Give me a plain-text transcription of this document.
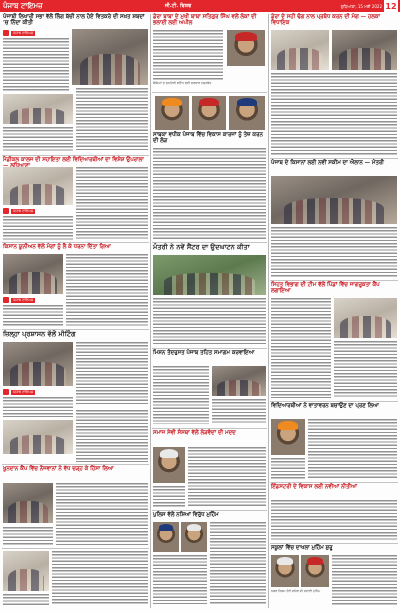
ਪੰਜਾਬ ਟਾਇਮਜ਼	ਜੀ.ਟੀ. ਵਿਸ਼ਵ	ਲੁਧਿਆਣਾ, 15 ਮਈ 2022 12
ਪੰਜਾਬੀ ਲਿਖਾਰੀ ਸਭਾ ਵੱਲੋਂ ਲਿੰਗ ਬੱਚੀ ਨਾਲ ਹੋਏ ਵਿਤਕਰੇ ਦੀ ਸਖ਼ਤ ਸ਼ਬਦਾਂ ’ਚ ਨਿੰਦਾ ਕੀਤੀ
ਪੰਜਾਬ ਟਾਇਮਜ਼
ਮੈਡੀਕਲ ਕਾਲਜ ਦੀ ਸਹਾਇਤਾ ਲਈ ਵਿਦਿਆਰਥੀਆਂ ਦਾ ਵਿਸ਼ੇਸ਼ ਉਪਰਾਲਾ
ਪੰਜਾਬ ਟਾਇਮਜ਼
ਕਿਸਾਨ ਯੂਨੀਅਨ ਵੱਲੋਂ ਮੰਗਾਂ ਨੂੰ ਲੈ ਕੇ ਧਰਨਾ ਦਿੱਤਾ ਗਿਆ
ਪੰਜਾਬ ਟਾਇਮਜ਼
ਜ਼ਿਲ੍ਹਾ ਪ੍ਰਸ਼ਾਸਨ ਵੱਲੋਂ ਮੀਟਿੰਗ
ਪੰਜਾਬ ਟਾਇਮਜ਼
ਖੂਨਦਾਨ ਕੈਂਪ ਵਿੱਚ ਨੌਜਵਾਨਾਂ ਨੇ ਵੱਧ ਚੜ੍ਹ ਕੇ ਹਿੱਸਾ ਲਿਆ
ਡੇਰਾ ਬਾਬਾ ਦੇ ਮੁਖੀ ਬਾਬਾ ਸਤਿਗੁਰ ਸਿੰਘ ਵਲੋਂ ਲੋਕਾਂ ਦੀ ਭਲਾਈ ਲਈ ਅਪੀਲ
ਬੱਚਿਆਂ ਦੇ ਸੁਨਹਿਰੀ ਭਵਿੱਖ ਲਈ ਸਰਕਾਰ ਵਚਨਬੱਧ
ਸਾਬਕਾ ਵਧੀਕ ਪੰਜਾਬ ਵਿੱਚ ਵਿਕਾਸ ਕਾਰਜਾਂ ਨੂੰ ਤੇਜ਼ ਕਰਨ ਦੀ ਲੋੜ
ਮੰਤਰੀ ਨੇ ਨਵੇਂ ਸੈਂਟਰ ਦਾ ਉਦਘਾਟਨ ਕੀਤਾ
ਮਿਸ਼ਨ ਤੰਦਰੁਸਤ ਪੰਜਾਬ ਤਹਿਤ ਸਮਾਗਮ ਕਰਵਾਇਆ
ਸਮਾਜ ਸੇਵੀ ਸੰਸਥਾ ਵੱਲੋਂ ਲੋੜਵੰਦਾਂ ਦੀ ਮਦਦ
ਪੁਲਿਸ ਵੱਲੋਂ ਨਸ਼ਿਆਂ ਵਿਰੁੱਧ ਮੁਹਿੰਮ
ਡੇਰਾ ਦੇ ਸਹੀ ਢੰਗ ਨਾਲ ਪ੍ਰਬੰਧ ਕਰਨ ਦੀ ਮੰਗ — ਹਲਕਾ ਵਿਧਾਇਕ
ਪੰਜਾਬ ਦੇ ਕਿਸਾਨਾਂ ਲਈ ਨਵੀਂ ਸਕੀਮ ਦਾ ਐਲਾਨ — ਮੰਤਰੀ
ਸਿਹਤ ਵਿਭਾਗ ਦੀ ਟੀਮ ਵੱਲੋਂ ਪਿੰਡਾਂ ਵਿੱਚ ਜਾਗਰੂਕਤਾ ਕੈਂਪ ਲਗਾਇਆ
ਵਿਦਿਆਰਥੀਆਂ ਨੇ ਵਾਤਾਵਰਨ ਬਚਾਉਣ ਦਾ ਪ੍ਰਣ ਲਿਆ
ਇੰਡਸਟਰੀ ਦੇ ਵਿਕਾਸ ਲਈ ਨਵੀਆਂ ਨੀਤੀਆਂ
ਸਕੂਲਾਂ ਵਿੱਚ ਦਾਖਲਾ ਮੁਹਿੰਮ ਸ਼ੁਰੂ
ਨਗਰ ਨਿਗਮ ਵੱਲੋਂ ਸ਼ਹਿਰ ਦੀ ਸਫ਼ਾਈ ਮੁਹਿੰਮ
